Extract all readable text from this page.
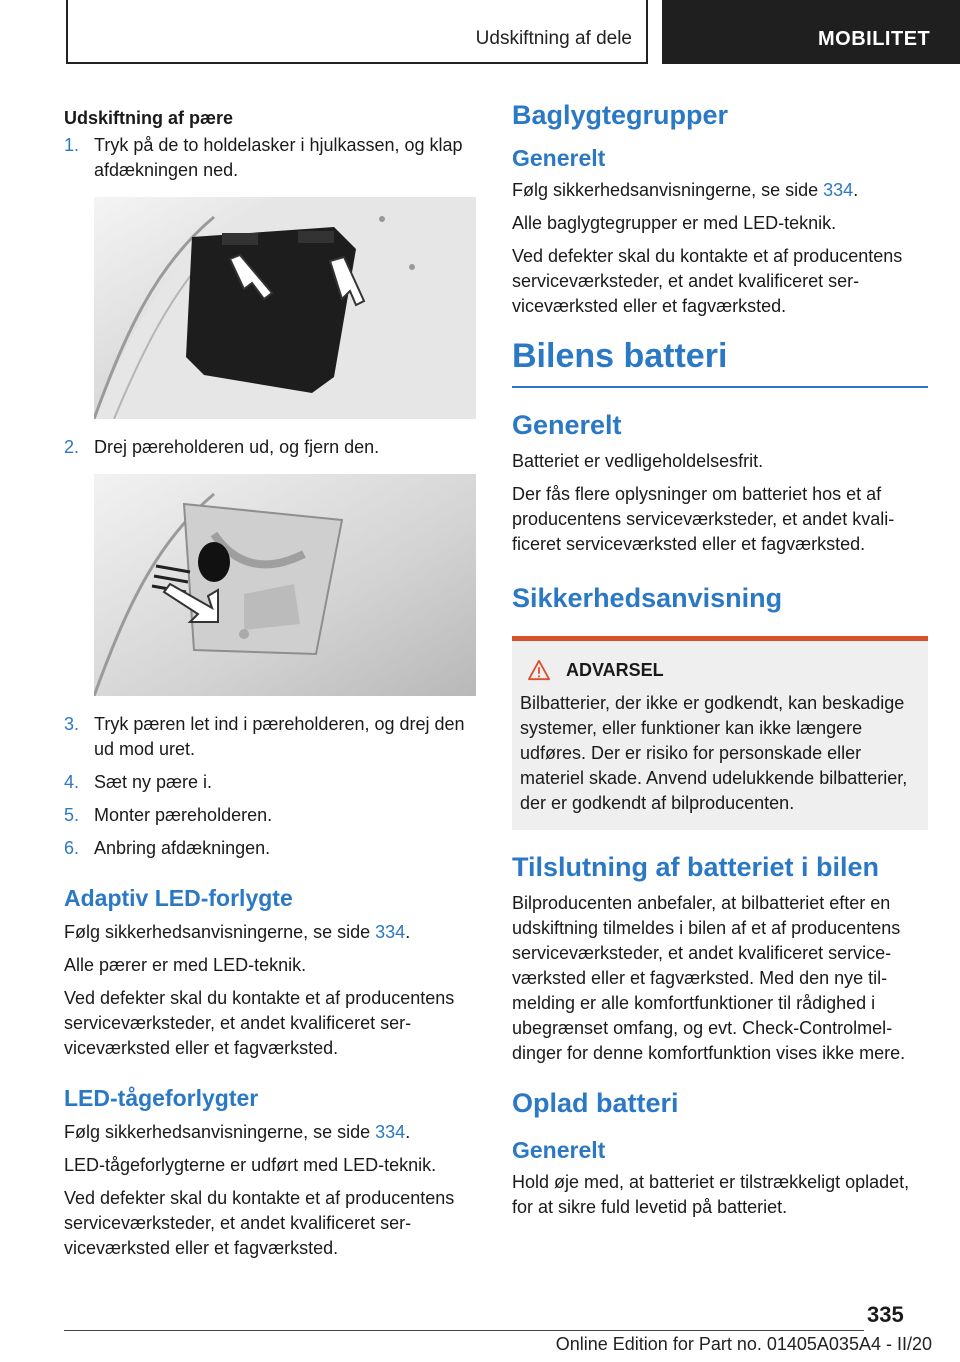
Udskiftning af dele	MOBILITET
Udskiftning af pære
1. Tryk på de to holdelasker i hjulkassen, og klap afdækningen ned.
2. Drej pæreholderen ud, og fjern den.
3. Tryk pæren let ind i pæreholderen, og drej den ud mod uret.
4. Sæt ny pære i.
5. Monter pæreholderen.
6. Anbring afdækningen.
Adaptiv LED-forlygte

Følg sikkerhedsanvisningerne, se side 334.

Alle pærer er med LED-teknik.

Ved defekter skal du kontakte et af producentens serviceværksteder, et andet kvalificeret serviceværksted eller et fagværksted.

LED-tågeforlygter

Følg sikkerhedsanvisningerne, se side 334.

LED-tågeforlygterne er udført med LED-teknik.

Ved defekter skal du kontakte et af producentens serviceværksteder, et andet kvalificeret serviceværksted eller et fagværksted.

Baglygtegrupper
Generelt

Følg sikkerhedsanvisningerne, se side 334.

Alle baglygtegrupper er med LED-teknik.

Ved defekter skal du kontakte et af producentens serviceværksteder, et andet kvalificeret serviceværksted eller et fagværksted.

Bilens batteri
Generelt

Batteriet er vedligeholdelsesfrit.

Der fås flere oplysninger om batteriet hos et af producentens serviceværksteder, et andet kvalificeret serviceværksted eller et fagværksted.

Sikkerhedsanvisning
ADVARSEL

Bilbatterier, der ikke er godkendt, kan beskadige systemer, eller funktioner kan ikke længere udføres. Der er risiko for personskade eller materiel skade. Anvend udelukkende bilbatterier, der er godkendt af bilproducenten.

Tilslutning af batteriet i bilen

Bilproducenten anbefaler, at bilbatteriet efter en udskiftning tilmeldes i bilen af et af producentens serviceværksteder, et andet kvalificeret serviceværksted eller et fagværksted. Med den nye tilmelding er alle komfortfunktioner til rådighed i ubegrænset omfang, og evt. Check-Controlmeldinger for denne komfortfunktion vises ikke mere.

Oplad batteri
Generelt

Hold øje med, at batteriet er tilstrækkeligt opladet, for at sikre fuld levetid på batteriet.

335
Online Edition for Part no. 01405A035A4 - II/20
